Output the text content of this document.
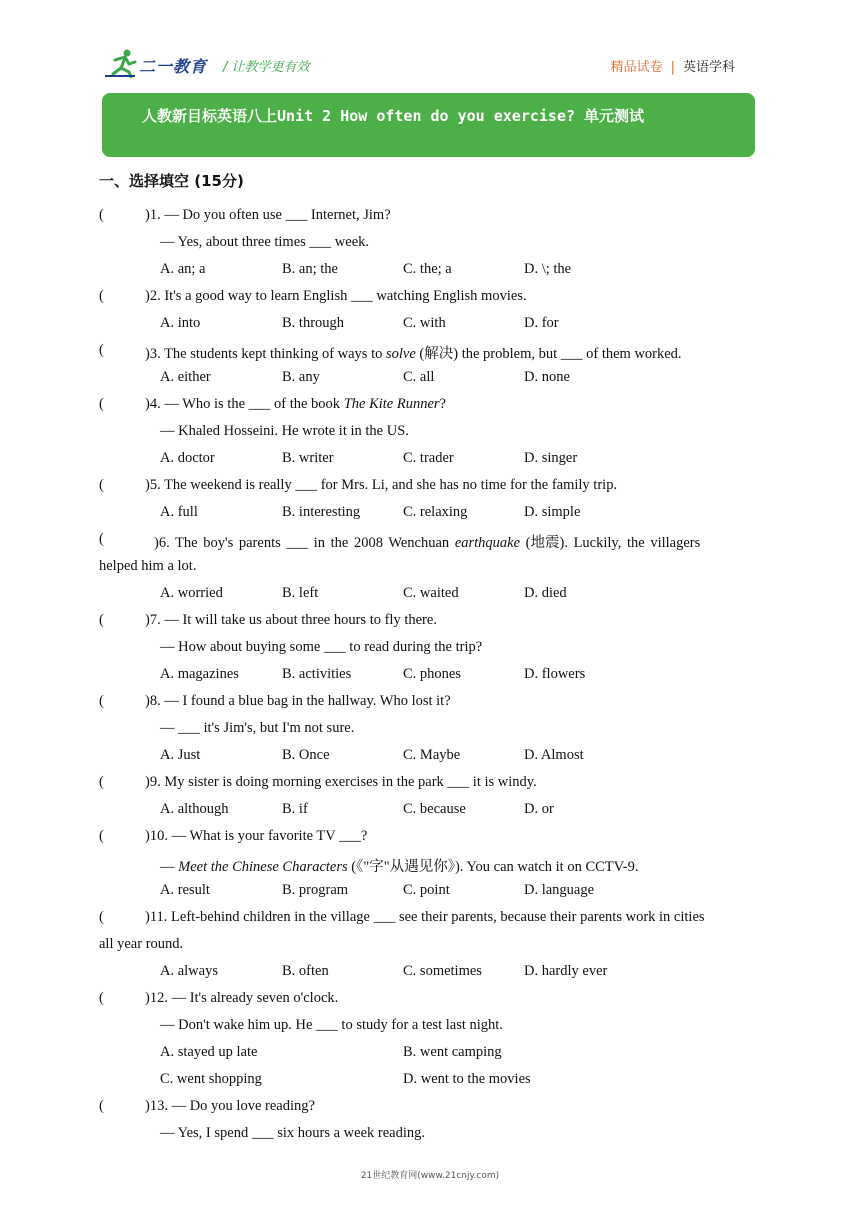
二一教育 / 让教学更有效	精品试卷 | 英语学科
人教新目标英语八上Unit 2 How often do you exercise? 单元测试
一、选择填空 (15分)
(	)1. — Do you often use ___ Internet, Jim?
— Yes, about three times ___ week.
A. an; a	B. an; the	C. the; a	D. \; the
(	)2. It's a good way to learn English ___ watching English movies.
A. into	B. through	C. with	D. for
(	)3. The students kept thinking of ways to solve (解决) the problem, but ___ of them worked.
A. either	B. any	C. all	D. none
(	)4. — Who is the ___ of the book The Kite Runner?
— Khaled Hosseini. He wrote it in the US.
A. doctor	B. writer	C. trader	D. singer
(	)5. The weekend is really ___ for Mrs. Li, and she has no time for the family trip.
A. full	B. interesting	C. relaxing	D. simple
(	)6. The boy's parents ___ in the 2008 Wenchuan earthquake (地震). Luckily, the villagers
helped him a lot.
A. worried	B. left	C. waited	D. died
(	)7. — It will take us about three hours to fly there.
— How about buying some ___ to read during the trip?
A. magazines	B. activities	C. phones	D. flowers
(	)8. — I found a blue bag in the hallway. Who lost it?
— ___ it's Jim's, but I'm not sure.
A. Just	B. Once	C. Maybe	D. Almost
(	)9. My sister is doing morning exercises in the park ___ it is windy.
A. although	B. if	C. because	D. or
(	)10. — What is your favorite TV ___?
— Meet the Chinese Characters (《"字"从遇见你》). You can watch it on CCTV-9.
A. result	B. program	C. point	D. language
(	)11. Left-behind children in the village ___ see their parents, because their parents work in cities
all year round.
A. always	B. often	C. sometimes	D. hardly ever
(	)12. — It's already seven o'clock.
— Don't wake him up. He ___ to study for a test last night.
A. stayed up late	B. went camping
C. went shopping	D. went to the movies
(	)13. — Do you love reading?
— Yes, I spend ___ six hours a week reading.
21世纪教育网(www.21cnjy.com)
